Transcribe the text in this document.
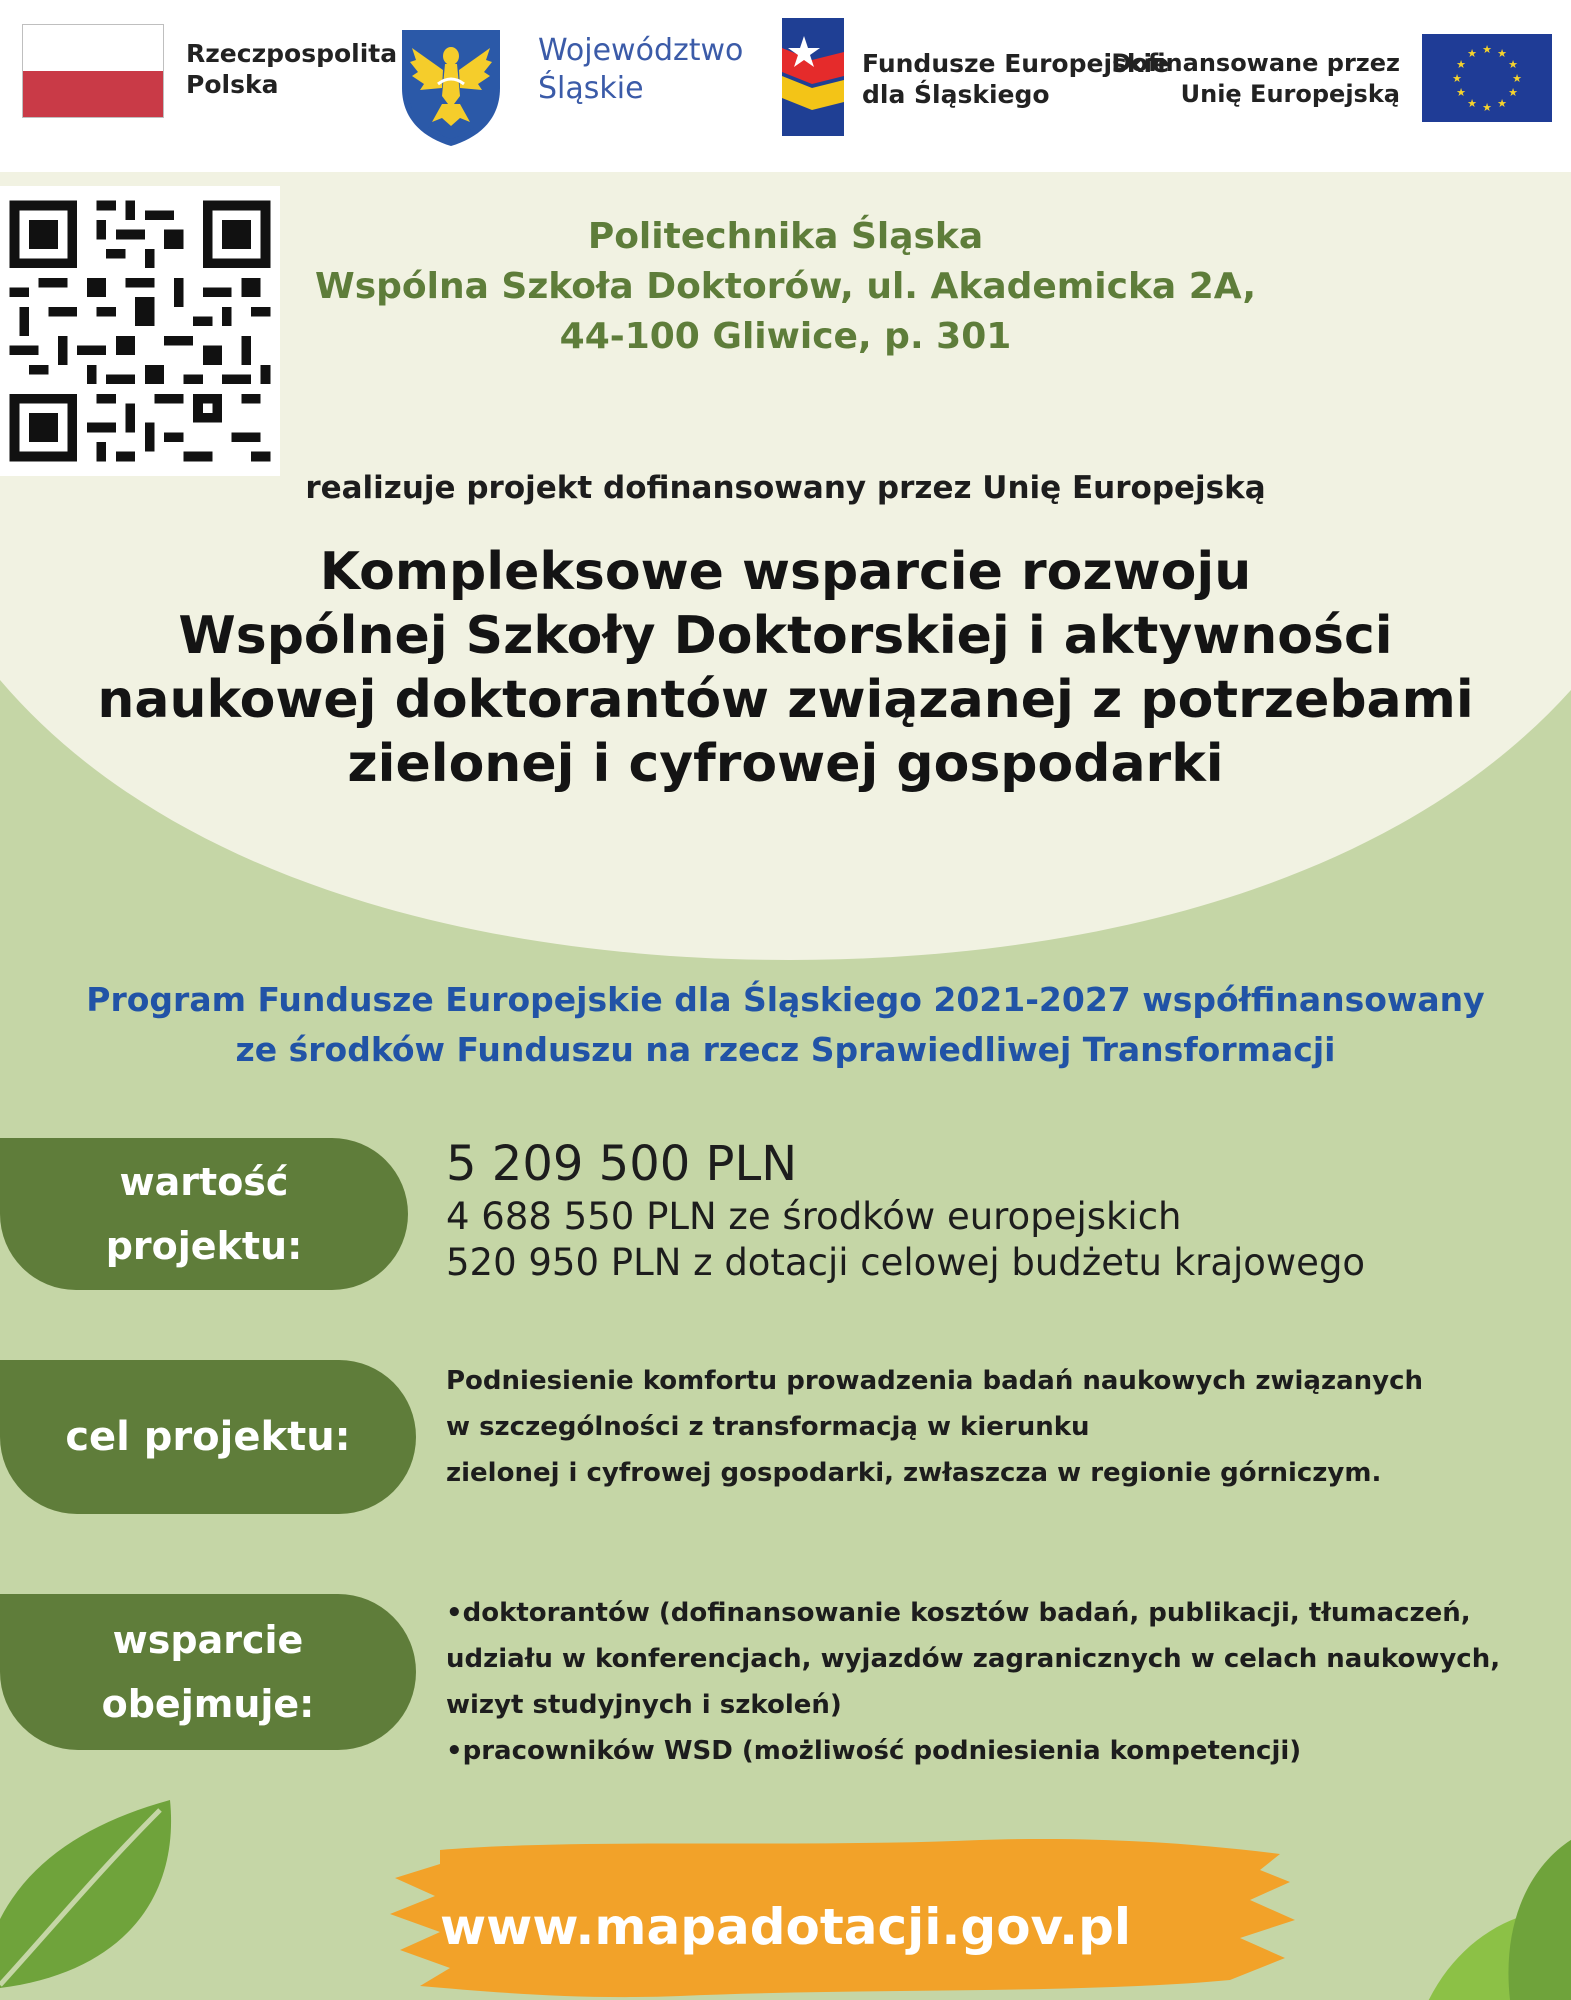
Rzeczpospolita
Polska
Województwo
Śląskie
Fundusze Europejskie
dla Śląskiego
Dofinansowane przez
Unię Europejską
★ ★
★
★
★
★
★
★
★
★
★
★
Politechnika Śląska
Wspólna Szkoła Doktorów, ul. Akademicka 2A,
44-100 Gliwice, p. 301
realizuje projekt dofinansowany przez Unię Europejską
Kompleksowe wsparcie rozwoju
Wspólnej Szkoły Doktorskiej i aktywności
naukowej doktorantów związanej z potrzebami
zielonej i cyfrowej gospodarki
Program Fundusze Europejskie dla Śląskiego 2021-2027 współfinansowany
ze środków Funduszu na rzecz Sprawiedliwej Transformacji
wartość
projektu:
5 209 500 PLN
4 688 550 PLN ze środków europejskich
520 950 PLN z dotacji celowej budżetu krajowego
cel projektu:
Podniesienie komfortu prowadzenia badań naukowych związanych
w szczególności z transformacją w kierunku
zielonej i cyfrowej gospodarki, zwłaszcza w regionie górniczym.
wsparcie
obejmuje:
•doktorantów (dofinansowanie kosztów badań, publikacji, tłumaczeń,
udziału w konferencjach, wyjazdów zagranicznych w celach naukowych,
wizyt studyjnych i szkoleń)
•pracowników WSD (możliwość podniesienia kompetencji)
www.mapadotacji.gov.pl
